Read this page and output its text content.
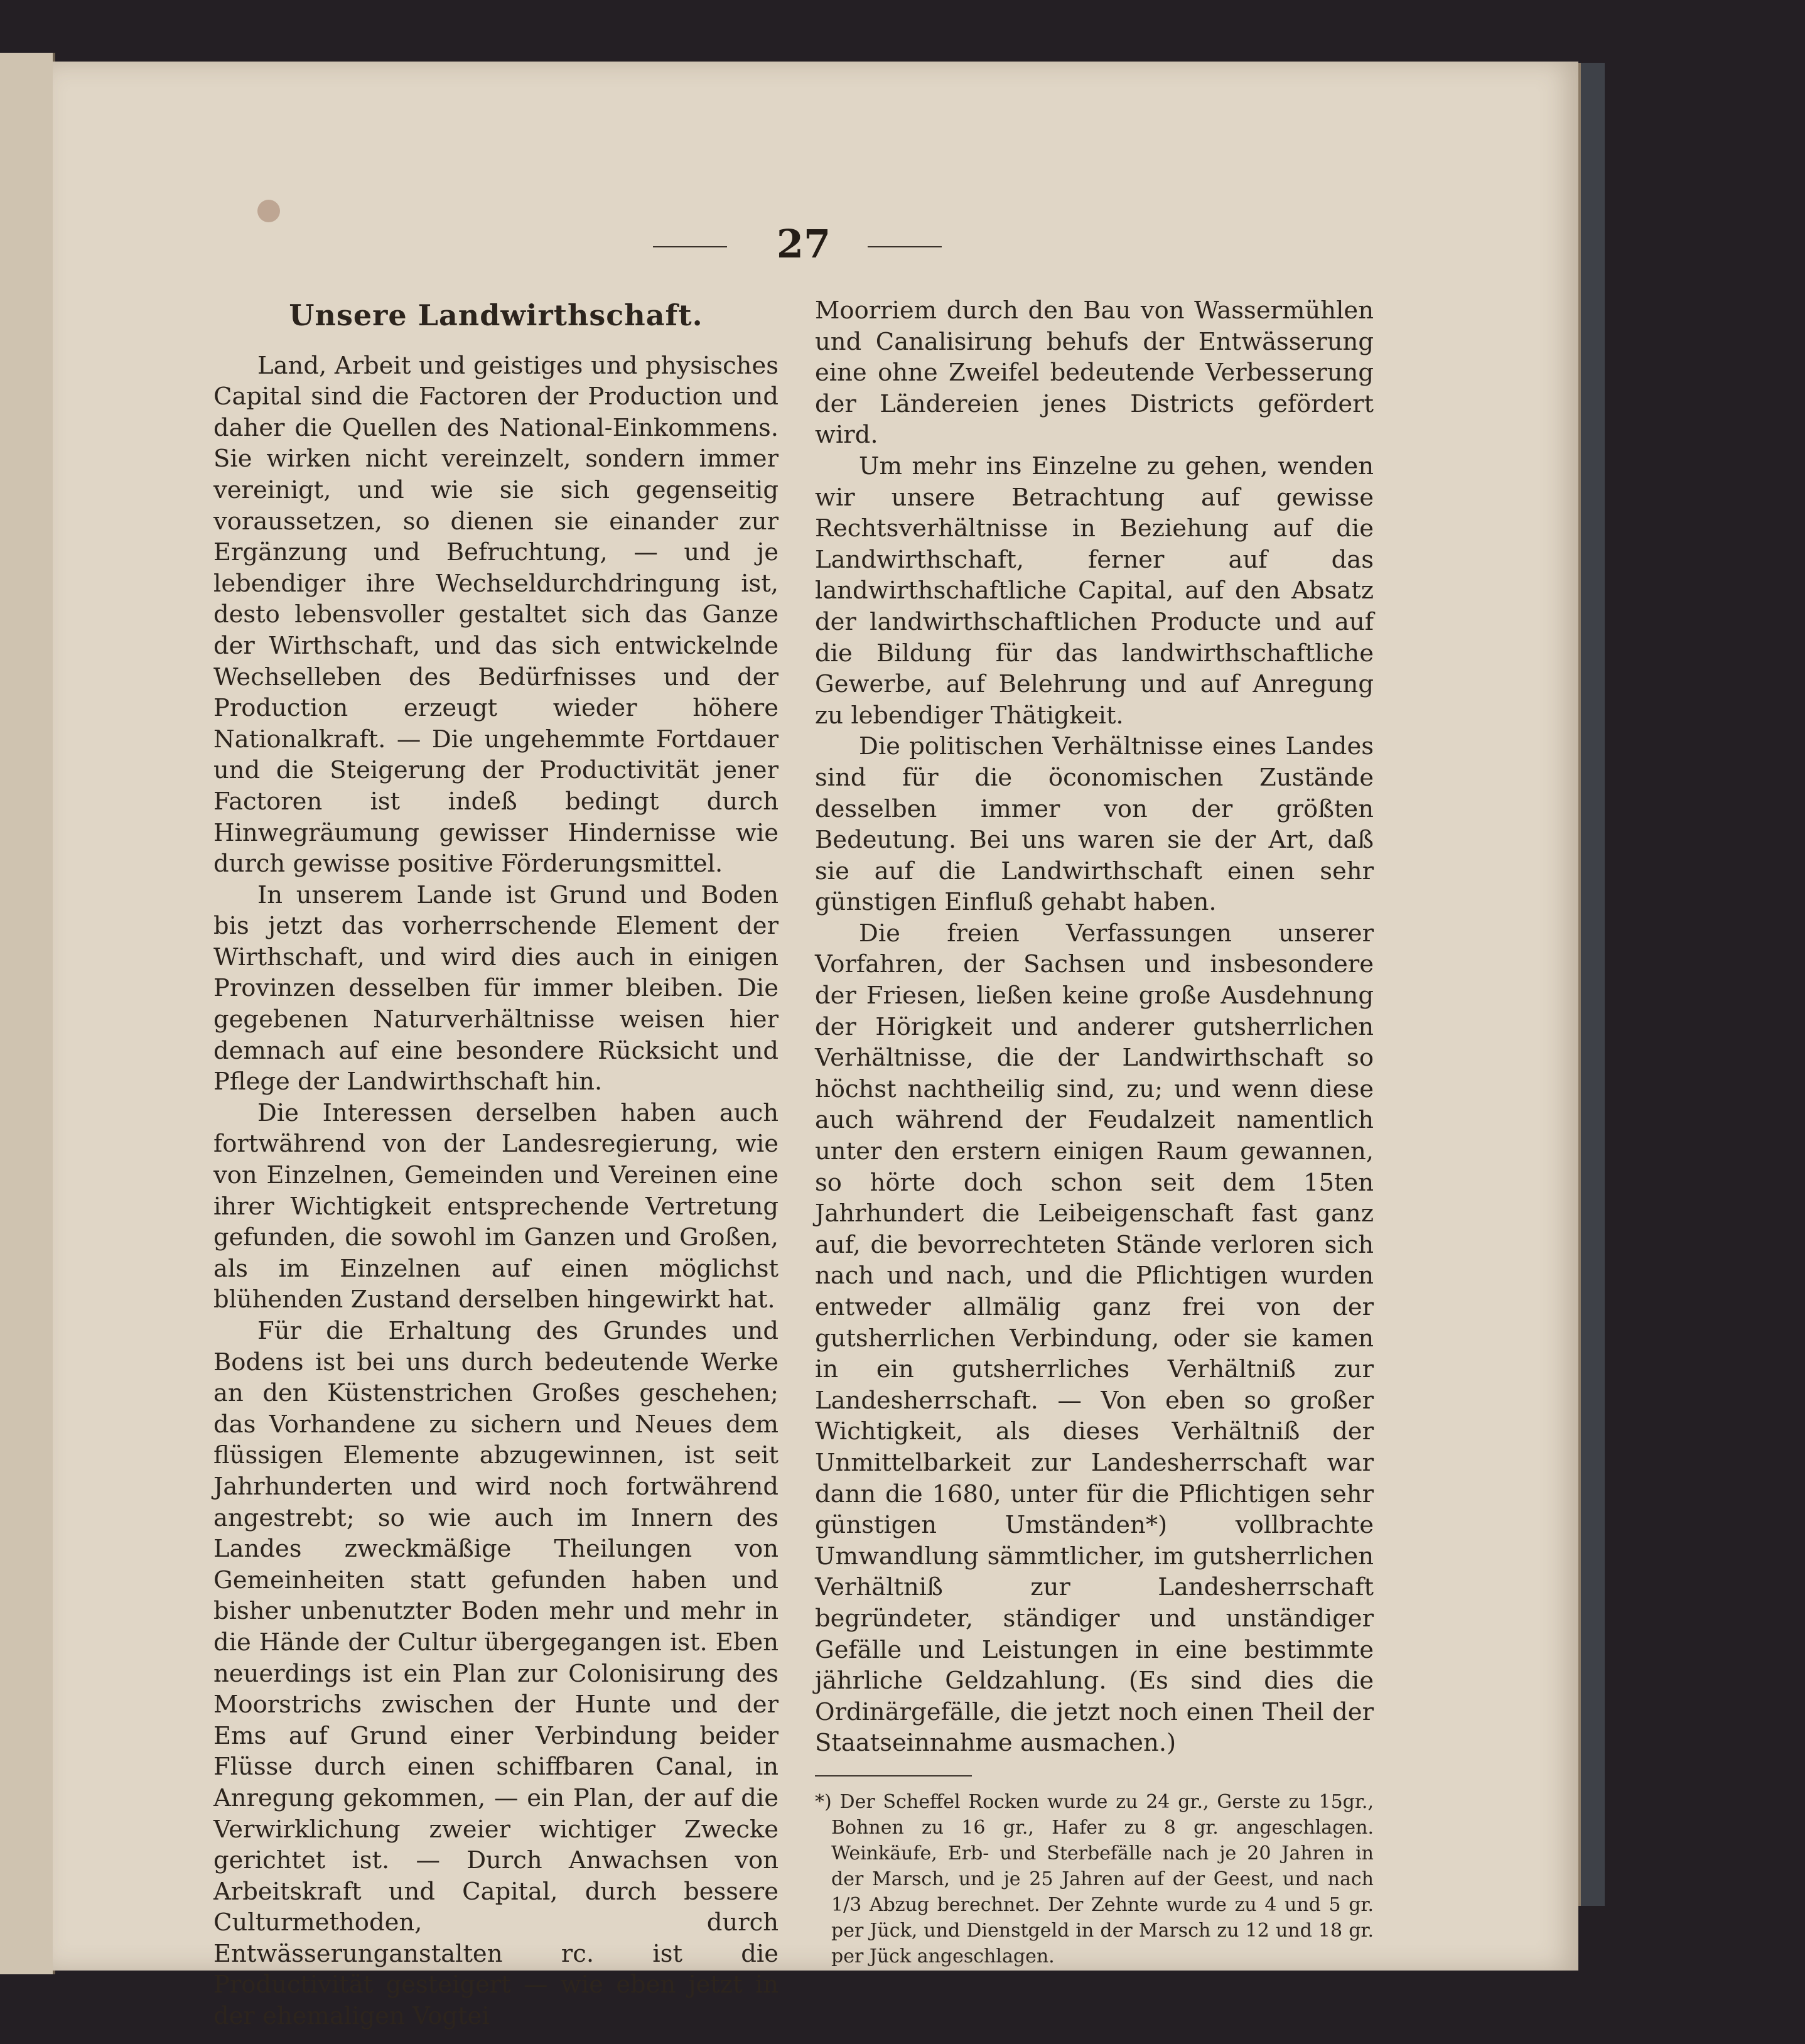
27
Unsere Landwirthschaft.

Land, Arbeit und geistiges und physisches Capital sind die Factoren der Production und daher die Quellen des National-Einkommens. Sie wirken nicht vereinzelt, sondern immer vereinigt, und wie sie sich gegenseitig voraussetzen, so dienen sie einander zur Ergänzung und Befruchtung, — und je lebendiger ihre Wechseldurchdringung ist, desto lebensvoller gestaltet sich das Ganze der Wirthschaft, und das sich entwickelnde Wechselleben des Bedürfnisses und der Production erzeugt wieder höhere Nationalkraft. — Die ungehemmte Fortdauer und die Steigerung der Productivität jener Factoren ist indeß bedingt durch Hinwegräumung gewisser Hindernisse wie durch gewisse positive Förderungsmittel.

In unserem Lande ist Grund und Boden bis jetzt das vorherrschende Element der Wirthschaft, und wird dies auch in einigen Provinzen desselben für immer bleiben. Die gegebenen Naturverhältnisse weisen hier demnach auf eine besondere Rücksicht und Pflege der Landwirthschaft hin.

Die Interessen derselben haben auch fortwährend von der Landesregierung, wie von Einzelnen, Gemeinden und Vereinen eine ihrer Wichtigkeit entsprechende Vertretung gefunden, die sowohl im Ganzen und Großen, als im Einzelnen auf einen möglichst blühenden Zustand derselben hingewirkt hat.

Für die Erhaltung des Grundes und Bodens ist bei uns durch bedeutende Werke an den Küstenstrichen Großes geschehen; das Vorhandene zu sichern und Neues dem flüssigen Elemente abzugewinnen, ist seit Jahrhunderten und wird noch fortwährend angestrebt; so wie auch im Innern des Landes zweckmäßige Theilungen von Gemeinheiten statt gefunden haben und bisher unbenutzter Boden mehr und mehr in die Hände der Cultur übergegangen ist. Eben neuerdings ist ein Plan zur Colonisirung des Moorstrichs zwischen der Hunte und der Ems auf Grund einer Verbindung beider Flüsse durch einen schiffbaren Canal, in Anregung gekommen, — ein Plan, der auf die Verwirklichung zweier wichtiger Zwecke gerichtet ist. — Durch Anwachsen von Arbeitskraft und Capital, durch bessere Culturmethoden, durch Entwässerunganstalten rc. ist die Productivität gesteigert — wie eben jetzt in der ehemaligen Vogtei

Moorriem durch den Bau von Wassermühlen und Canalisirung behufs der Entwässerung eine ohne Zweifel bedeutende Verbesserung der Ländereien jenes Districts gefördert wird.

Um mehr ins Einzelne zu gehen, wenden wir unsere Betrachtung auf gewisse Rechtsverhältnisse in Beziehung auf die Landwirthschaft, ferner auf das landwirthschaftliche Capital, auf den Absatz der landwirthschaftlichen Producte und auf die Bildung für das landwirthschaftliche Gewerbe, auf Belehrung und auf Anregung zu lebendiger Thätigkeit.

Die politischen Verhältnisse eines Landes sind für die öconomischen Zustände desselben immer von der größten Bedeutung. Bei uns waren sie der Art, daß sie auf die Landwirthschaft einen sehr günstigen Einfluß gehabt haben.

Die freien Verfassungen unserer Vorfahren, der Sachsen und insbesondere der Friesen, ließen keine große Ausdehnung der Hörigkeit und anderer gutsherrlichen Verhältnisse, die der Landwirthschaft so höchst nachtheilig sind, zu; und wenn diese auch während der Feudalzeit namentlich unter den erstern einigen Raum gewannen, so hörte doch schon seit dem 15ten Jahrhundert die Leibeigenschaft fast ganz auf, die bevorrechteten Stände verloren sich nach und nach, und die Pflichtigen wurden entweder allmälig ganz frei von der gutsherrlichen Verbindung, oder sie kamen in ein gutsherrliches Verhältniß zur Landesherrschaft. — Von eben so großer Wichtigkeit, als dieses Verhältniß der Unmittelbarkeit zur Landesherrschaft war dann die 1680, unter für die Pflichtigen sehr günstigen Umständen*) vollbrachte Umwandlung sämmtlicher, im gutsherrlichen Verhältniß zur Landesherrschaft begründeter, ständiger und unständiger Gefälle und Leistungen in eine bestimmte jährliche Geldzahlung. (Es sind dies die Ordinärgefälle, die jetzt noch einen Theil der Staatseinnahme ausmachen.)

*) Der Scheffel Rocken wurde zu 24 gr., Gerste zu 15gr., Bohnen zu 16 gr., Hafer zu 8 gr. angeschlagen. Weinkäufe, Erb- und Sterbefälle nach je 20 Jahren in der Marsch, und je 25 Jahren auf der Geest, und nach 1/3 Abzug berechnet. Der Zehnte wurde zu 4 und 5 gr. per Jück, und Dienstgeld in der Marsch zu 12 und 18 gr. per Jück angeschlagen.
